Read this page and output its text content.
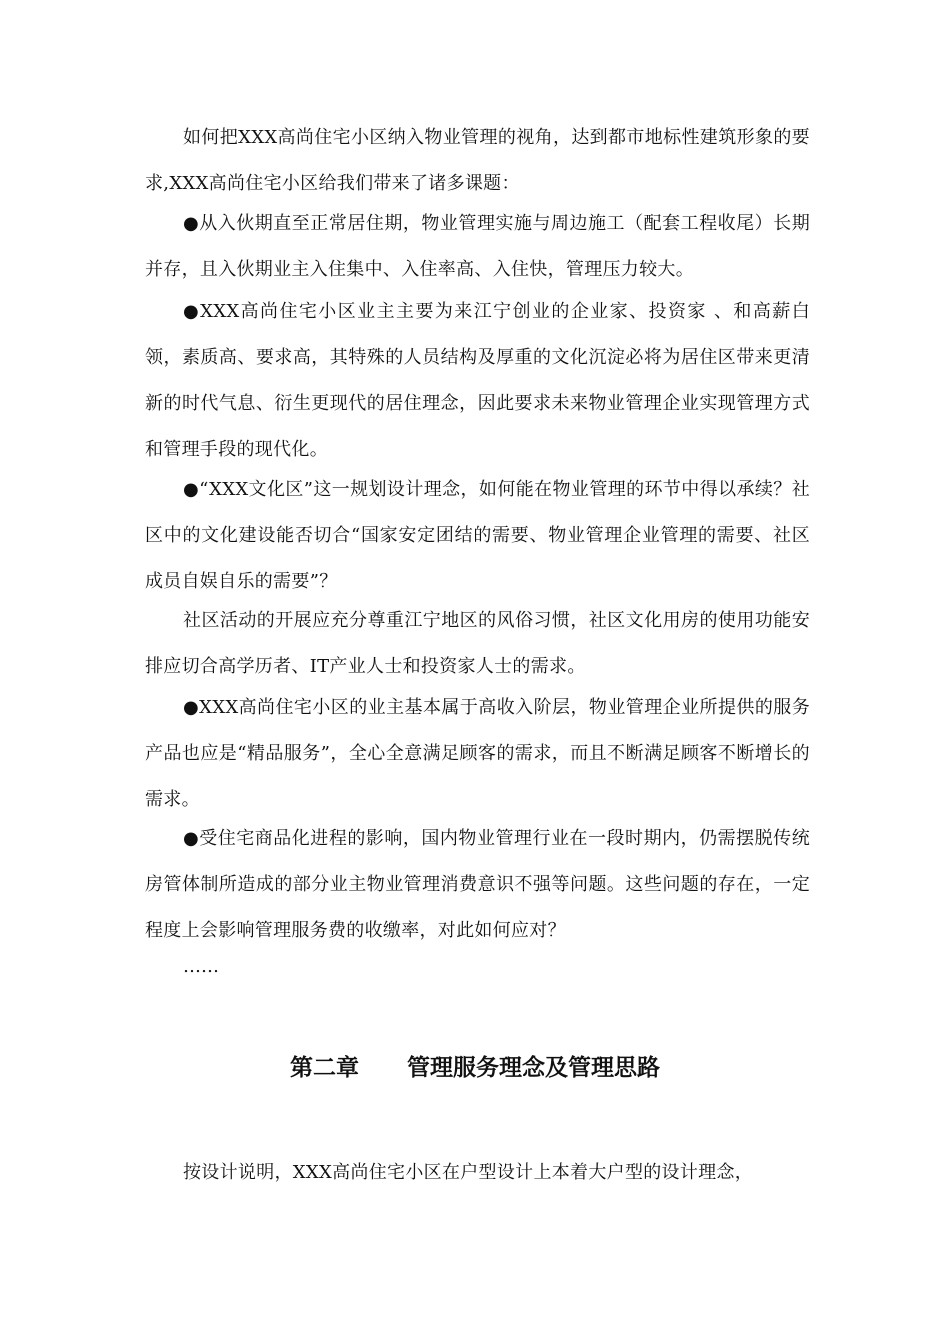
如何把XXX高尚住宅小区纳入物业管理的视角，达到都市地标性建筑形象的要求,XXX高尚住宅小区给我们带来了诸多课题：

●从入伙期直至正常居住期，物业管理实施与周边施工（配套工程收尾）长期并存，且入伙期业主入住集中、入住率高、入住快，管理压力较大。

●XXX高尚住宅小区业主主要为来江宁创业的企业家、投资家 、和高薪白领，素质高、要求高，其特殊的人员结构及厚重的文化沉淀必将为居住区带来更清新的时代气息、衍生更现代的居住理念，因此要求未来物业管理企业实现管理方式和管理手段的现代化。

●“XXX文化区”这一规划设计理念，如何能在物业管理的环节中得以承续？社区中的文化建设能否切合“国家安定团结的需要、物业管理企业管理的需要、社区成员自娱自乐的需要”？

社区活动的开展应充分尊重江宁地区的风俗习惯，社区文化用房的使用功能安排应切合高学历者、IT产业人士和投资家人士的需求。

●XXX高尚住宅小区的业主基本属于高收入阶层，物业管理企业所提供的服务产品也应是“精品服务”，全心全意满足顾客的需求，而且不断满足顾客不断增长的需求。

●受住宅商品化进程的影响，国内物业管理行业在一段时期内，仍需摆脱传统房管体制所造成的部分业主物业管理消费意识不强等问题。这些问题的存在，一定程度上会影响管理服务费的收缴率，对此如何应对？

……

第二章 管理服务理念及管理思路

按设计说明，XXX高尚住宅小区在户型设计上本着大户型的设计理念，
